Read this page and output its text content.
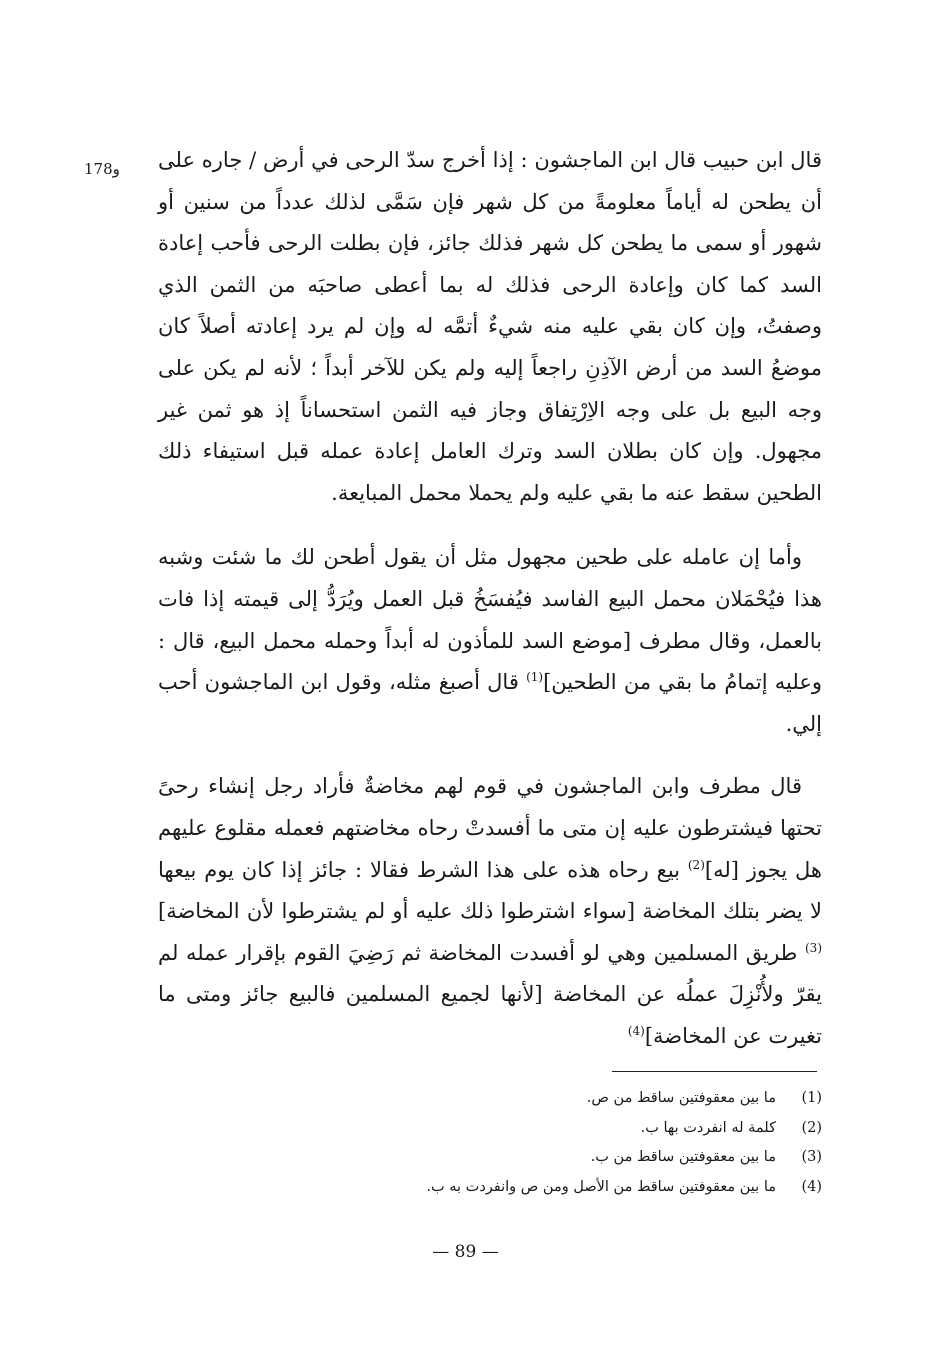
178و قال ابن حبيب قال ابن الماجشون : إذا أخرج سدّ الرحى في أرض / جاره على أن يطحن له أياماً معلومةً من كل شهر فإن سَمَّى لذلك عدداً من سنين أو شهور أو سمى ما يطحن كل شهر فذلك جائز، فإن بطلت الرحى فأحب إعادة السد كما كان وإعادة الرحى فذلك له بما أعطى صاحبَه من الثمن الذي وصفتُ، وإن كان بقي عليه منه شيءٌ أتمَّه له وإن لم يرد إعادته أصلاً كان موضعُ السد من أرض الآذِنِ راجعاً إليه ولم يكن للآخر أبداً ؛ لأنه لم يكن على وجه البيع بل على وجه الاِرْتِفاق وجاز فيه الثمن استحساناً إذ هو ثمن غير مجهول. وإن كان بطلان السد وترك العامل إعادة عمله قبل استيفاء ذلك الطحين سقط عنه ما بقي عليه ولم يحملا محمل المبايعة.

وأما إن عامله على طحين مجهول مثل أن يقول أطحن لك ما شئت وشبه هذا فيُحْمَلان محمل البيع الفاسد فيُفسَخُ قبل العمل ويُرَدُّ إلى قيمته إذا فات بالعمل، وقال مطرف [موضع السد للمأذون له أبداً وحمله محمل البيع، قال : وعليه إتمامُ ما بقي من الطحين]$^{(1)}$ قال أصبغ مثله، وقول ابن الماجشون أحب إلي.

قال مطرف وابن الماجشون في قوم لهم مخاضةٌ فأراد رجل إنشاء رحىً تحتها فيشترطون عليه إن متى ما أفسدتْ رحاه مخاضتهم فعمله مقلوع عليهم هل يجوز [له]$^{(2)}$ بيع رحاه هذه على هذا الشرط فقالا : جائز إذا كان يوم بيعها لا يضر بتلك المخاضة [سواء اشترطوا ذلك عليه أو لم يشترطوا لأن المخاضة]$^{(3)}$ طريق المسلمين وهي لو أفسدت المخاضة ثم رَضِيَ القوم بإقرار عمله لم يقرّ ولأُنْزِلَ عملُه عن المخاضة [لأنها لجميع المسلمين فالبيع جائز ومتى ما تغيرت عن المخاضة]$^{(4)}$

(1)
ما بين معقوفتين ساقط من ص.
(2)
كلمة له انفردت بها ب.
(3)
ما بين معقوفتين ساقط من ب.
(4)
ما بين معقوفتين ساقط من الأصل ومن ص وانفردت به ب.
— 89 —
